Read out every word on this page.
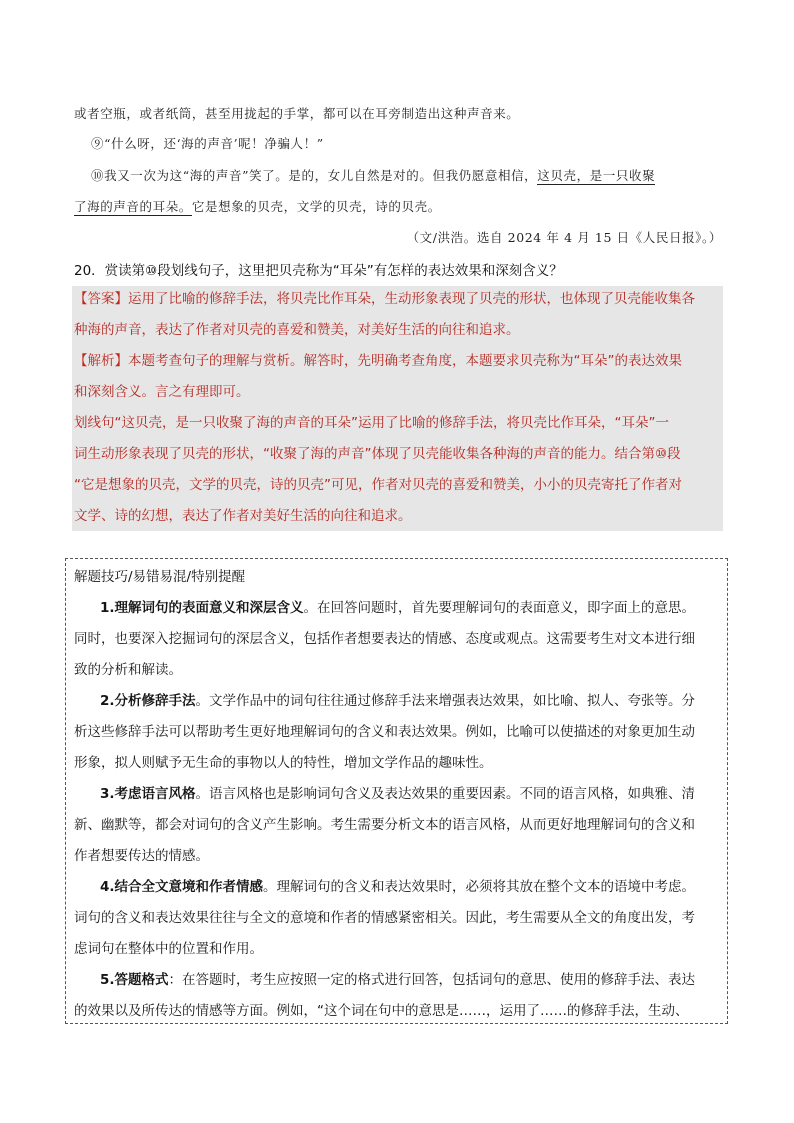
或者空瓶，或者纸筒，甚至用拢起的手掌，都可以在耳旁制造出这种声音来。
⑨“什么呀，还‘海的声音’呢！净骗人！”
⑩我又一次为这“海的声音”笑了。是的，女儿自然是对的。但我仍愿意相信，这贝壳，是一只收聚
了海的声音的耳朵。它是想象的贝壳，文学的贝壳，诗的贝壳。
（文/洪浩。选自 2024 年 4 月 15 日《人民日报》。）
20．赏读第⑩段划线句子，这里把贝壳称为“耳朵”有怎样的表达效果和深刻含义？
【答案】运用了比喻的修辞手法，将贝壳比作耳朵，生动形象表现了贝壳的形状，也体现了贝壳能收集各
种海的声音，表达了作者对贝壳的喜爱和赞美，对美好生活的向往和追求。
【解析】本题考查句子的理解与赏析。解答时，先明确考查角度，本题要求贝壳称为“耳朵”的表达效果
和深刻含义。言之有理即可。
划线句“这贝壳，是一只收聚了海的声音的耳朵”运用了比喻的修辞手法，将贝壳比作耳朵，“耳朵”一
词生动形象表现了贝壳的形状，“收聚了海的声音”体现了贝壳能收集各种海的声音的能力。结合第⑩段
“它是想象的贝壳，文学的贝壳，诗的贝壳”可见，作者对贝壳的喜爱和赞美，小小的贝壳寄托了作者对
文学、诗的幻想，表达了作者对美好生活的向往和追求。
解题技巧/易错易混/特别提醒
1.理解词句的表面意义和深层含义。在回答问题时，首先要理解词句的表面意义，即字面上的意思。
同时，也要深入挖掘词句的深层含义，包括作者想要表达的情感、态度或观点。这需要考生对文本进行细
致的分析和解读。
2.分析修辞手法。文学作品中的词句往往通过修辞手法来增强表达效果，如比喻、拟人、夸张等。分
析这些修辞手法可以帮助考生更好地理解词句的含义和表达效果。例如，比喻可以使描述的对象更加生动
形象，拟人则赋予无生命的事物以人的特性，增加文学作品的趣味性。
3.考虑语言风格。语言风格也是影响词句含义及表达效果的重要因素。不同的语言风格，如典雅、清
新、幽默等，都会对词句的含义产生影响。考生需要分析文本的语言风格，从而更好地理解词句的含义和
作者想要传达的情感。
4.结合全文意境和作者情感。理解词句的含义和表达效果时，必须将其放在整个文本的语境中考虑。
词句的含义和表达效果往往与全文的意境和作者的情感紧密相关。因此，考生需要从全文的角度出发，考
虑词句在整体中的位置和作用。
5.答题格式：在答题时，考生应按照一定的格式进行回答，包括词句的意思、使用的修辞手法、表达
的效果以及所传达的情感等方面。例如，“这个词在句中的意思是……，运用了……的修辞手法，生动、
